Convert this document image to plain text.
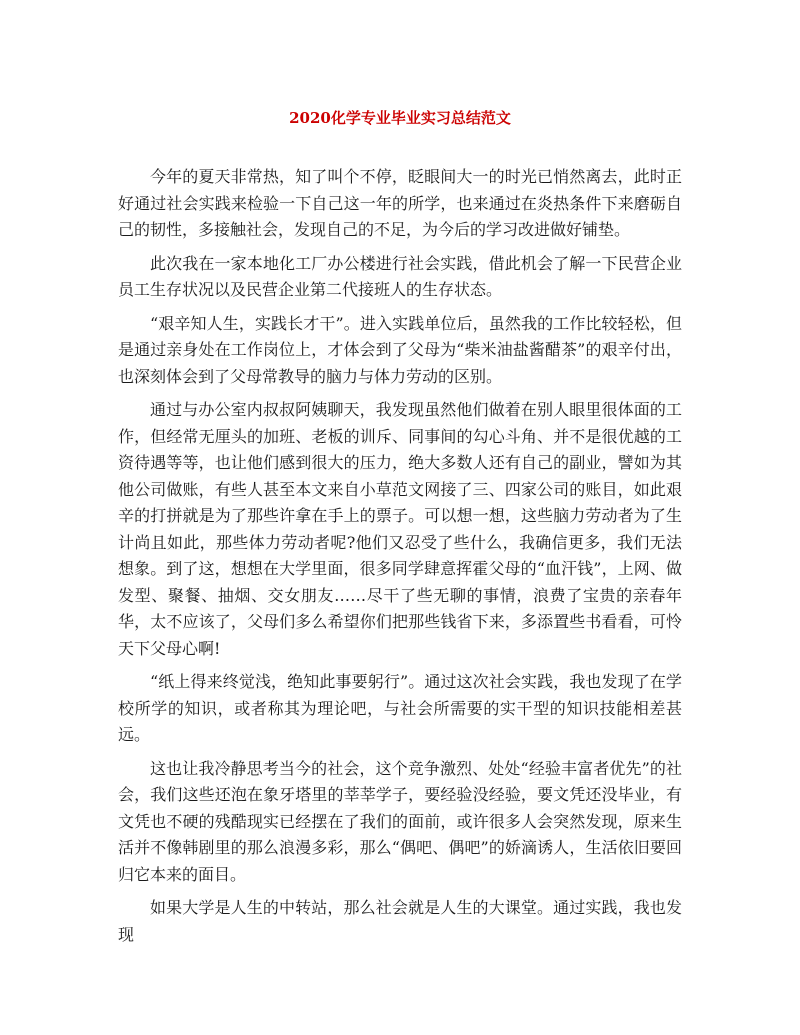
2020化学专业毕业实习总结范文

今年的夏天非常热，知了叫个不停，眨眼间大一的时光已悄然离去，此时正好通过社会实践来检验一下自己这一年的所学，也来通过在炎热条件下来磨砺自己的韧性，多接触社会，发现自己的不足，为今后的学习改进做好铺垫。

此次我在一家本地化工厂办公楼进行社会实践，借此机会了解一下民营企业员工生存状况以及民营企业第二代接班人的生存状态。

“艰辛知人生，实践长才干”。进入实践单位后，虽然我的工作比较轻松，但是通过亲身处在工作岗位上，才体会到了父母为“柴米油盐酱醋茶”的艰辛付出，也深刻体会到了父母常教导的脑力与体力劳动的区别。

通过与办公室内叔叔阿姨聊天，我发现虽然他们做着在别人眼里很体面的工作，但经常无厘头的加班、老板的训斥、同事间的勾心斗角、并不是很优越的工资待遇等等，也让他们感到很大的压力，绝大多数人还有自己的副业，譬如为其他公司做账，有些人甚至本文来自小草范文网接了三、四家公司的账目，如此艰辛的打拼就是为了那些许拿在手上的票子。可以想一想，这些脑力劳动者为了生计尚且如此，那些体力劳动者呢?他们又忍受了些什么，我确信更多，我们无法想象。到了这，想想在大学里面，很多同学肆意挥霍父母的“血汗钱”，上网、做发型、聚餐、抽烟、交女朋友……尽干了些无聊的事情，浪费了宝贵的亲春年华，太不应该了，父母们多么希望你们把那些钱省下来，多添置些书看看，可怜天下父母心啊!

“纸上得来终觉浅，绝知此事要躬行”。通过这次社会实践，我也发现了在学校所学的知识，或者称其为理论吧，与社会所需要的实干型的知识技能相差甚远。

这也让我冷静思考当今的社会，这个竞争激烈、处处“经验丰富者优先”的社会，我们这些还泡在象牙塔里的莘莘学子，要经验没经验，要文凭还没毕业，有文凭也不硬的残酷现实已经摆在了我们的面前，或许很多人会突然发现，原来生活并不像韩剧里的那么浪漫多彩，那么“偶吧、偶吧”的娇滴诱人，生活依旧要回归它本来的面目。

如果大学是人生的中转站，那么社会就是人生的大课堂。通过实践，我也发现
